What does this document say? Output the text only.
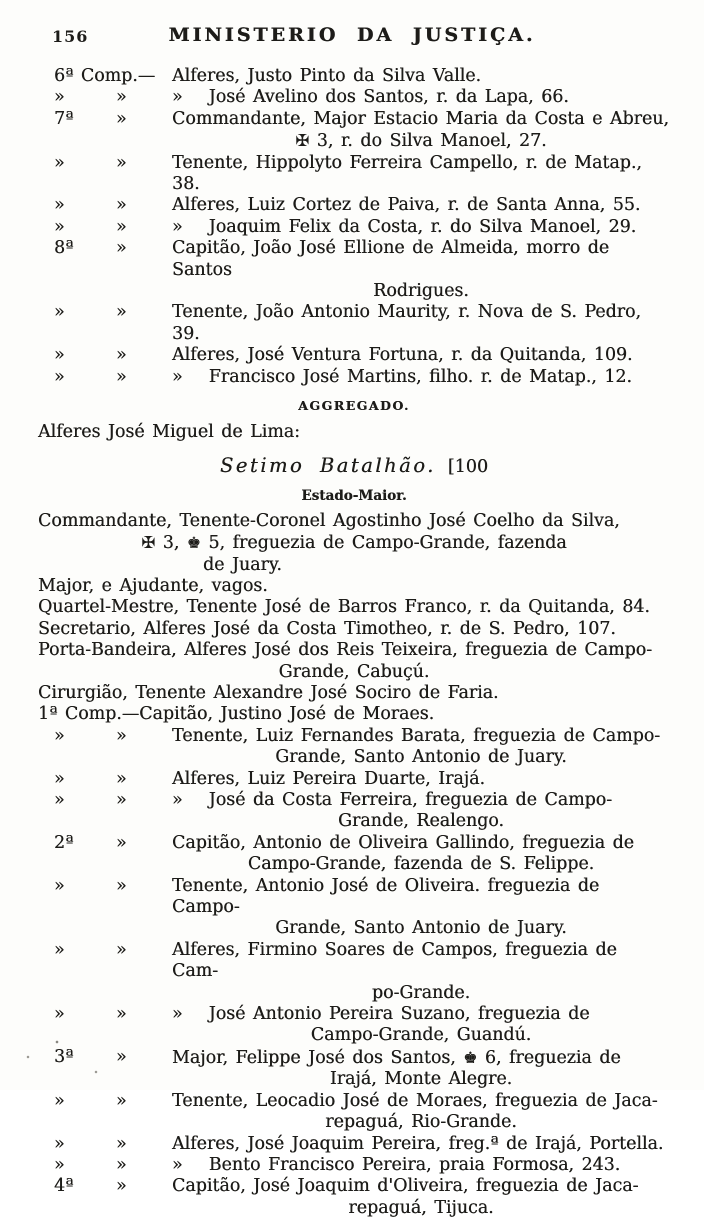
156	MINISTERIO DA JUSTIÇA.
6ª Comp.— Alferes, Justo Pinto da Silva Valle.
»	»	»  José Avelino dos Santos, r. da Lapa, 66.
7ª	»	Commandante, Major Estacio Maria da Costa e Abreu,
✠ 3, r. do Silva Manoel, 27.
»	»	Tenente, Hippolyto Ferreira Campello, r. de Matap., 38.
»	»	Alferes, Luiz Cortez de Paiva, r. de Santa Anna, 55.
»	»	»  Joaquim Felix da Costa, r. do Silva Manoel, 29.
8ª	»	Capitão, João José Ellione de Almeida, morro de Santos
Rodrigues.
»	»	Tenente, João Antonio Maurity, r. Nova de S. Pedro, 39.
»	»	Alferes, José Ventura Fortuna, r. da Quitanda, 109.
»	»	»  Francisco José Martins, filho. r. de Matap., 12.
AGGREGADO.
Alferes José Miguel de Lima:
Setimo Batalhão. [100
Estado-Maior.
Commandante, Tenente-Coronel Agostinho José Coelho da Silva,
✠ 3, ♚ 5, freguezia de Campo-Grande, fazenda
de Juary.
Major, e Ajudante, vagos.
Quartel-Mestre, Tenente José de Barros Franco, r. da Quitanda, 84.
Secretario, Alferes José da Costa Timotheo, r. de S. Pedro, 107.
Porta-Bandeira, Alferes José dos Reis Teixeira, freguezia de Campo-
Grande, Cabuçú.
Cirurgião, Tenente Alexandre José Sociro de Faria.
1ª Comp.—Capitão, Justino José de Moraes.
»	»	Tenente, Luiz Fernandes Barata, freguezia de Campo-
Grande, Santo Antonio de Juary.
»	»	Alferes, Luiz Pereira Duarte, Irajá.
»	»	»  José da Costa Ferreira, freguezia de Campo-
Grande, Realengo.
2ª	»	Capitão, Antonio de Oliveira Gallindo, freguezia de
Campo-Grande, fazenda de S. Felippe.
»	»	Tenente, Antonio José de Oliveira. freguezia de Campo-
Grande, Santo Antonio de Juary.
»	»	Alferes, Firmino Soares de Campos, freguezia de Cam-
po-Grande.
»	»	»  José Antonio Pereira Suzano, freguezia de
Campo-Grande, Guandú.
3ª	»	Major, Felippe José dos Santos, ♚ 6, freguezia de
Irajá, Monte Alegre.
»	»	Tenente, Leocadio José de Moraes, freguezia de Jaca-
repaguá, Rio-Grande.
»	»	Alferes, José Joaquim Pereira, freg.ª de Irajá, Portella.
»	»	»  Bento Francisco Pereira, praia Formosa, 243.
4ª	»	Capitão, José Joaquim d'Oliveira, freguezia de Jaca-
repaguá, Tijuca.
